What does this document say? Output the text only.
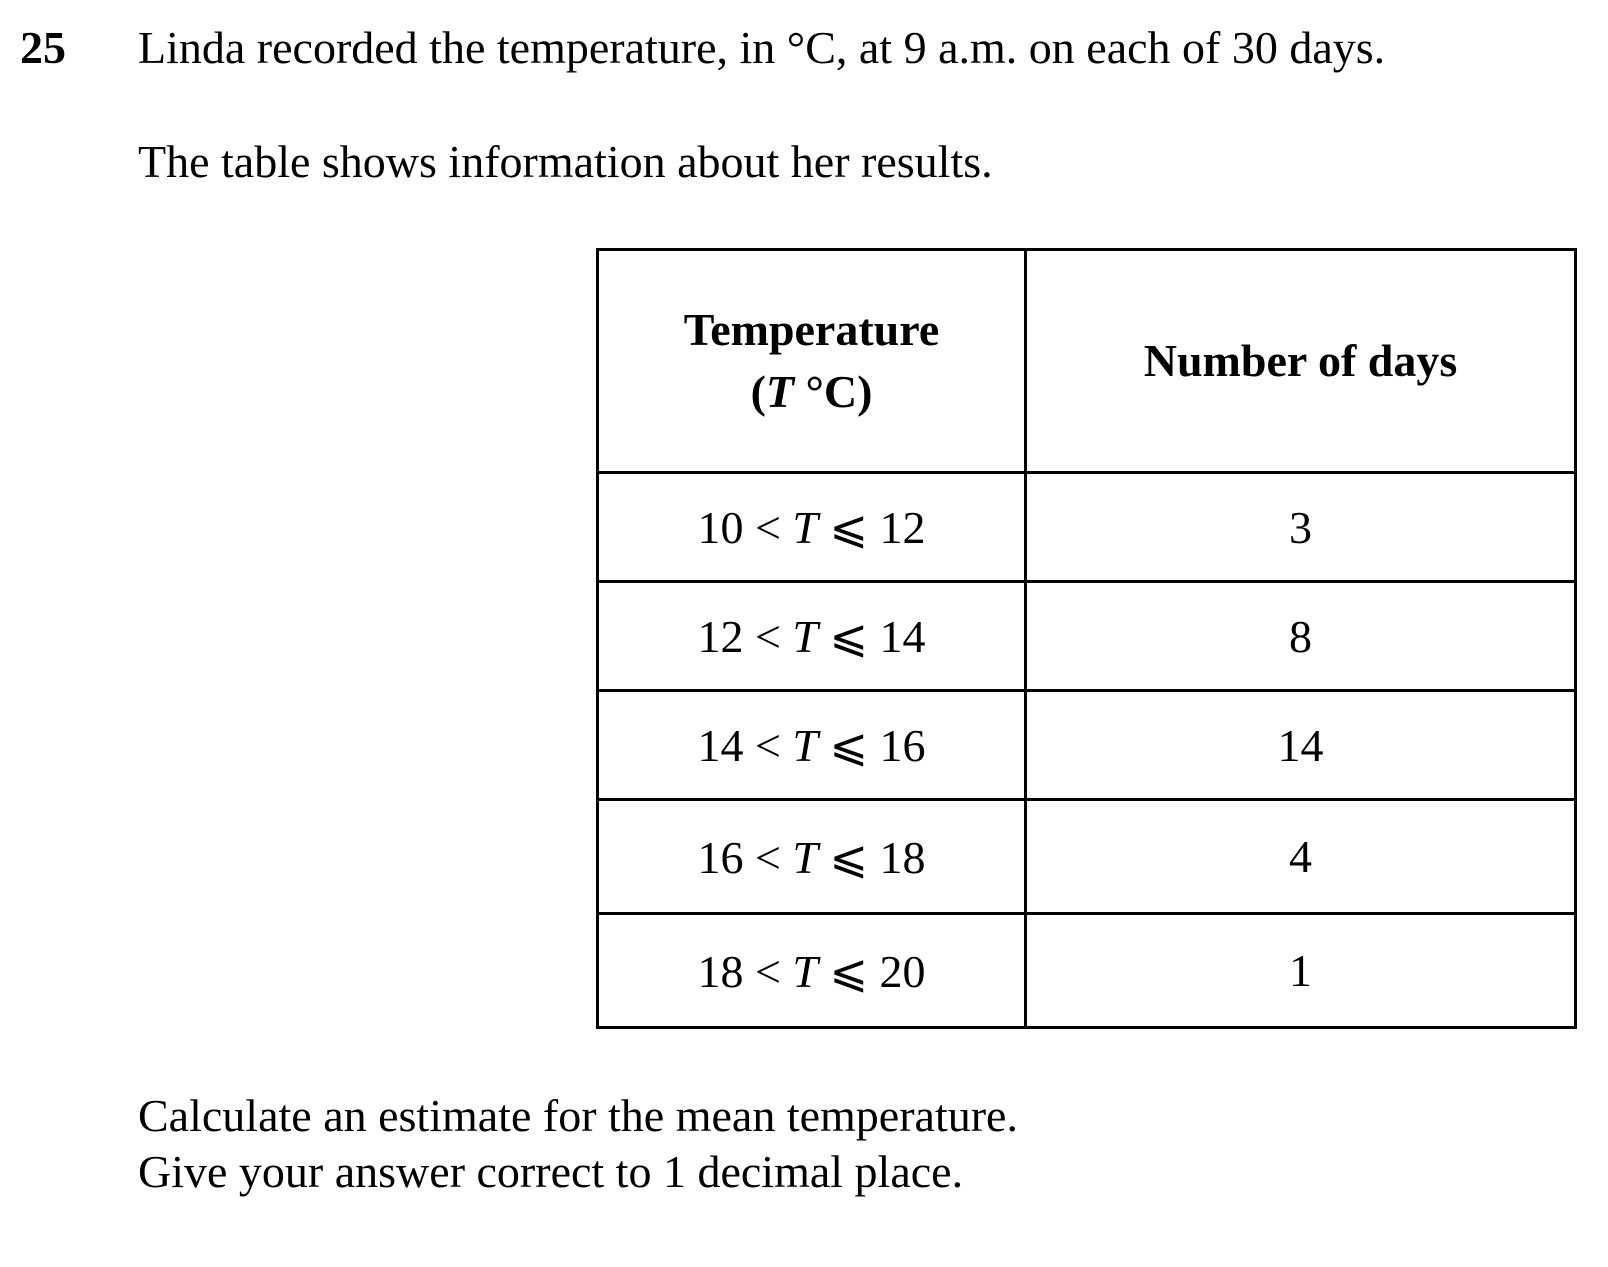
25 Linda recorded the temperature, in °C, at 9 a.m. on each of 30 days.
The table shows information about her results.
Temperature
(T °C)	Number of days
10 < T ⩽ 12	3
12 < T ⩽ 14	8
14 < T ⩽ 16	14
16 < T ⩽ 18	4
18 < T ⩽ 20	1
Calculate an estimate for the mean temperature.
Give your answer correct to 1 decimal place.
